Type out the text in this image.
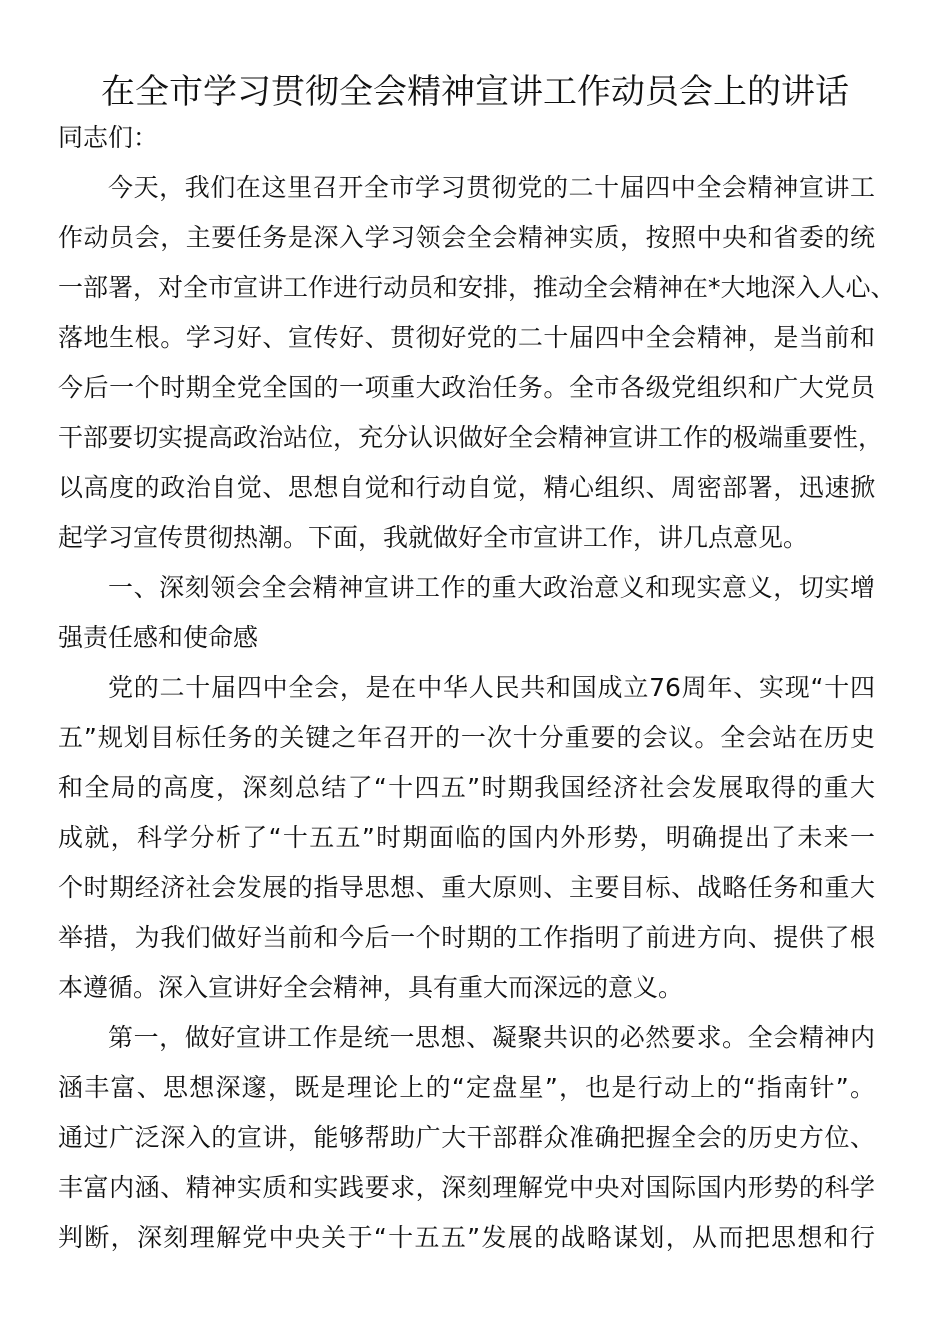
在全市学习贯彻全会精神宣讲工作动员会上的讲话
同志们：
今天，我们在这里召开全市学习贯彻党的二十届四中全会精神宣讲工
作动员会，主要任务是深入学习领会全会精神实质，按照中央和省委的统
一部署，对全市宣讲工作进行动员和安排，推动全会精神在*大地深入人心、
落地生根。学习好、宣传好、贯彻好党的二十届四中全会精神，是当前和
今后一个时期全党全国的一项重大政治任务。全市各级党组织和广大党员
干部要切实提高政治站位，充分认识做好全会精神宣讲工作的极端重要性，
以高度的政治自觉、思想自觉和行动自觉，精心组织、周密部署，迅速掀
起学习宣传贯彻热潮。下面，我就做好全市宣讲工作，讲几点意见。
一、深刻领会全会精神宣讲工作的重大政治意义和现实意义，切实增
强责任感和使命感
党的二十届四中全会，是在中华人民共和国成立76周年、实现“十四
五”规划目标任务的关键之年召开的一次十分重要的会议。全会站在历史
和全局的高度，深刻总结了“十四五”时期我国经济社会发展取得的重大
成就，科学分析了“十五五”时期面临的国内外形势，明确提出了未来一
个时期经济社会发展的指导思想、重大原则、主要目标、战略任务和重大
举措，为我们做好当前和今后一个时期的工作指明了前进方向、提供了根
本遵循。深入宣讲好全会精神，具有重大而深远的意义。
第一，做好宣讲工作是统一思想、凝聚共识的必然要求。全会精神内
涵丰富、思想深邃，既是理论上的“定盘星”，也是行动上的“指南针”。
通过广泛深入的宣讲，能够帮助广大干部群众准确把握全会的历史方位、
丰富内涵、精神实质和实践要求，深刻理解党中央对国际国内形势的科学
判断，深刻理解党中央关于“十五五”发展的战略谋划，从而把思想和行
